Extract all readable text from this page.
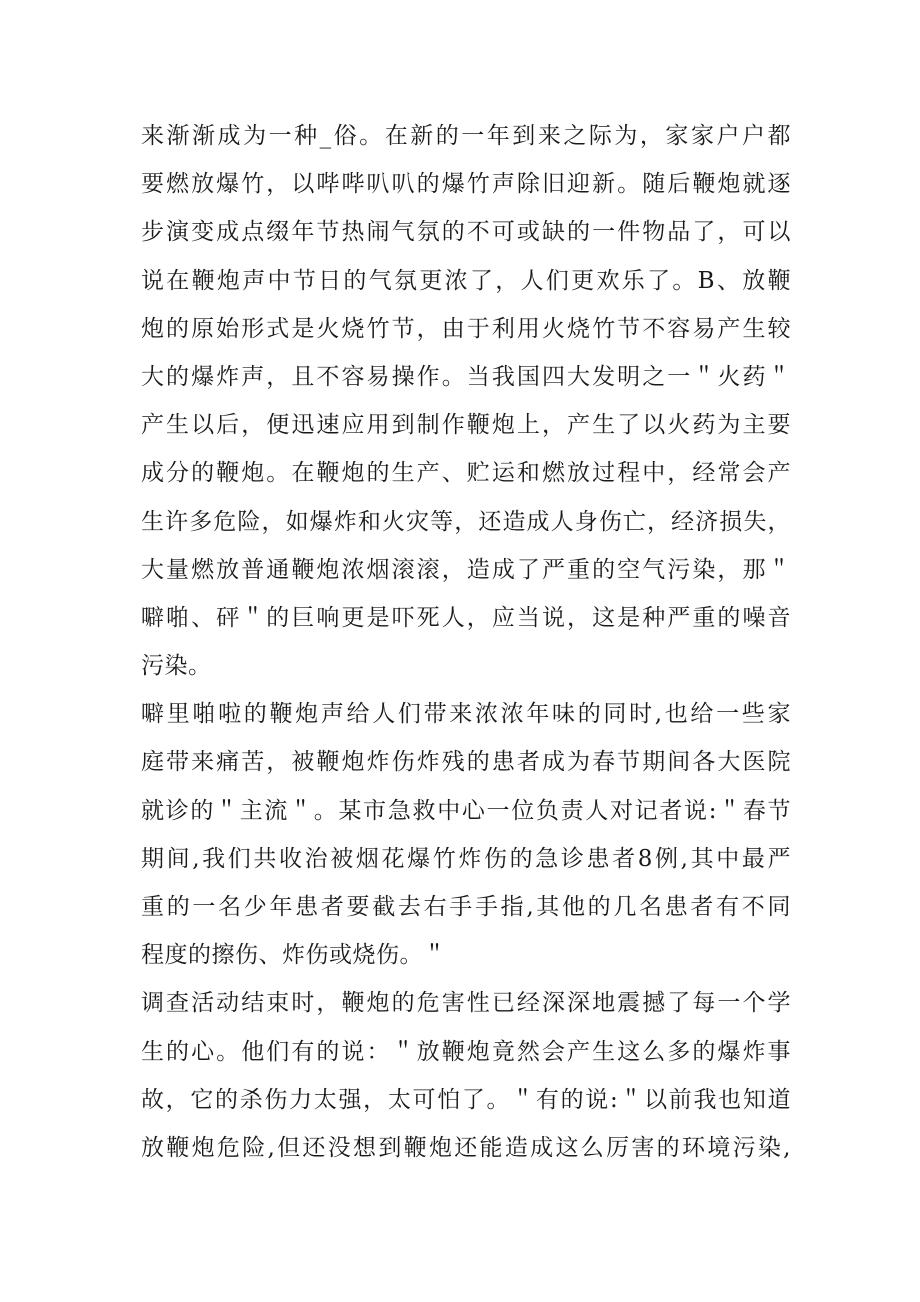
来渐渐成为一种_俗。在新的一年到来之际为，家家户户都
要燃放爆竹，以哔哔叭叭的爆竹声除旧迎新。随后鞭炮就逐
步演变成点缀年节热闹气氛的不可或缺的一件物品了，可以
说在鞭炮声中节日的气氛更浓了，人们更欢乐了。B、放鞭
炮的原始形式是火烧竹节，由于利用火烧竹节不容易产生较
大的爆炸声，且不容易操作。当我国四大发明之一＂火药＂
产生以后，便迅速应用到制作鞭炮上，产生了以火药为主要
成分的鞭炮。在鞭炮的生产、贮运和燃放过程中，经常会产
生许多危险，如爆炸和火灾等，还造成人身伤亡，经济损失，
大量燃放普通鞭炮浓烟滚滚，造成了严重的空气污染，那＂
噼啪、砰＂的巨响更是吓死人，应当说，这是种严重的噪音
污染。
噼里啪啦的鞭炮声给人们带来浓浓年味的同时,也给一些家
庭带来痛苦，被鞭炮炸伤炸残的患者成为春节期间各大医院
就诊的＂主流＂。某市急救中心一位负责人对记者说:＂春节
期间,我们共收治被烟花爆竹炸伤的急诊患者8例,其中最严
重的一名少年患者要截去右手手指,其他的几名患者有不同
程度的擦伤、炸伤或烧伤。＂
调查活动结束时，鞭炮的危害性已经深深地震撼了每一个学
生的心。他们有的说：＂放鞭炮竟然会产生这么多的爆炸事
故，它的杀伤力太强，太可怕了。＂有的说:＂以前我也知道
放鞭炮危险,但还没想到鞭炮还能造成这么厉害的环境污染,
